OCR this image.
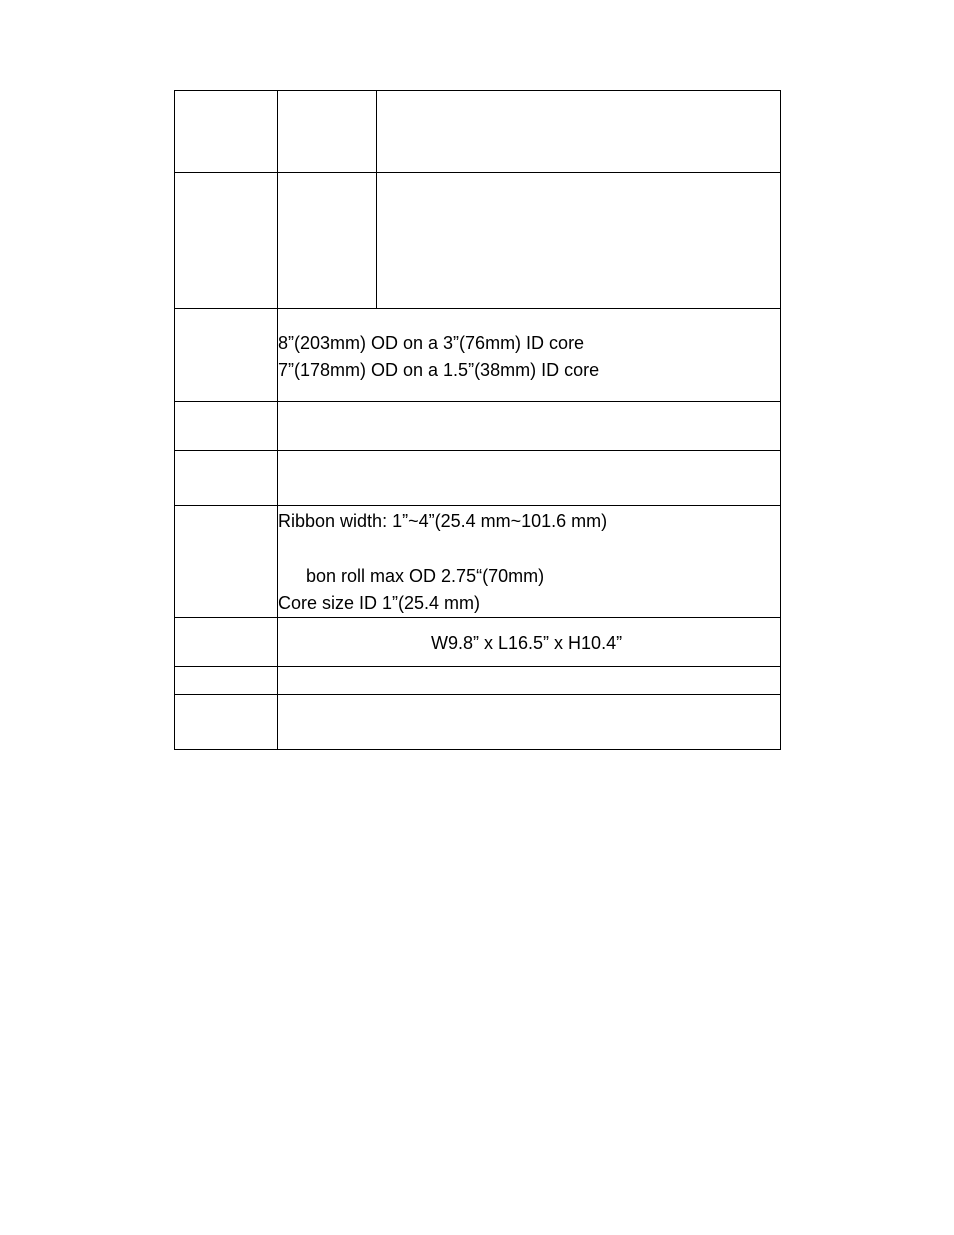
	8”(203mm) OD on a 3”(76mm) ID core
7”(178mm) OD on a 1.5”(38mm) ID core	

	Ribbon width: 1”~4”(25.4 mm~101.6 mm)
bon roll max OD 2.75“(70mm)
Core size ID 1”(25.4 mm)	

	W9.8” x L16.5” x H10.4”	
